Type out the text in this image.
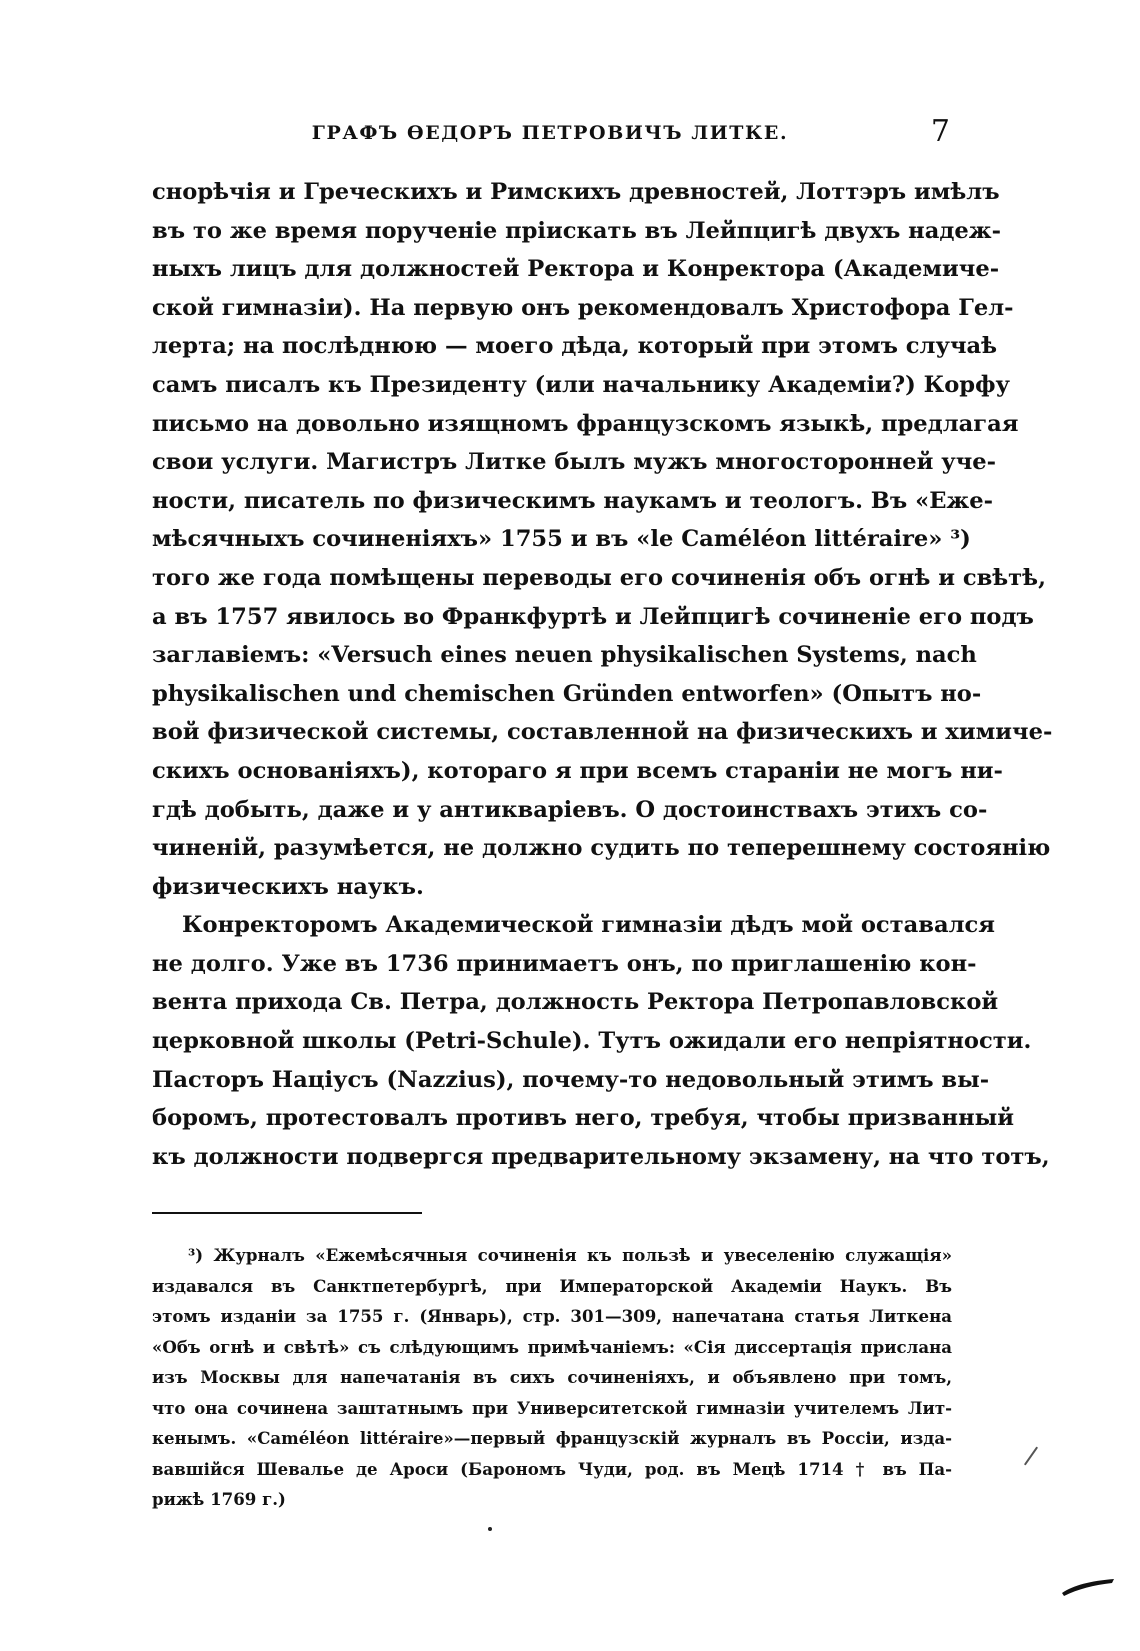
ГРАФЪ ѲЕДОРЪ ПЕТРОВИЧЪ ЛИТКЕ.	7
снорѣчія и Греческихъ и Римскихъ древностей, Лоттэръ имѣлъ
въ то же время порученіе пріискать въ Лейпцигѣ двухъ надеж-
ныхъ лицъ для должностей Ректора и Конректора (Академиче-
ской гимназіи). На первую онъ рекомендовалъ Христофора Гел-
лерта; на послѣднюю — моего дѣда, который при этомъ случаѣ
самъ писалъ къ Президенту (или начальнику Академіи?) Корфу
письмо на довольно изящномъ французскомъ языкѣ, предлагая
свои услуги. Магистръ Литке былъ мужъ многосторонней уче-
ности, писатель по физическимъ наукамъ и теологъ. Въ «Еже-
мѣсячныхъ сочиненіяхъ» 1755 и въ «le Caméléon littéraire» ³)
того же года помѣщены переводы его сочиненія объ огнѣ и свѣтѣ,
а въ 1757 явилось во Франкфуртѣ и Лейпцигѣ сочиненіе его подъ
заглавіемъ: «Versuch eines neuen physikalischen Systems, nach
physikalischen und chemischen Gründen entworfen» (Опытъ но-
вой физической системы, составленной на физическихъ и химиче-
скихъ основаніяхъ), котораго я при всемъ стараніи не могъ ни-
гдѣ добыть, даже и у антикваріевъ. О достоинствахъ этихъ со-
чиненій, разумѣется, не должно судить по теперешнему состоянію
физическихъ наукъ.
Конректоромъ Академической гимназіи дѣдъ мой оставался
не долго. Уже въ 1736 принимаетъ онъ, по приглашенію кон-
вента прихода Св. Петра, должность Ректора Петропавловской
церковной школы (Petri-Schule). Тутъ ожидали его непріятности.
Пасторъ Націусъ (Nazzius), почему-то недовольный этимъ вы-
боромъ, протестовалъ противъ него, требуя, чтобы призванный
къ должности подвергся предварительному экзамену, на что тотъ,
³) Журналъ «Ежемѣсячныя сочиненія къ пользѣ и увеселенію служащія»
издавался въ Санктпетербургѣ, при Императорской Академіи Наукъ. Въ
этомъ изданіи за 1755 г. (Январь), стр. 301—309, напечатана статья Литкена
«Объ огнѣ и свѣтѣ» съ слѣдующимъ примѣчаніемъ: «Сія диссертація прислана
изъ Москвы для напечатанія въ сихъ сочиненіяхъ, и объявлено при томъ,
что она сочинена заштатнымъ при Университетской гимназіи учителемъ Лит-
кенымъ. «Caméléon littéraire»—первый французскій журналъ въ Россіи, изда-
вавшійся Шевалье де Ароси (Барономъ Чуди, род. въ Мецѣ 1714 † въ Па-
рижѣ 1769 г.)
